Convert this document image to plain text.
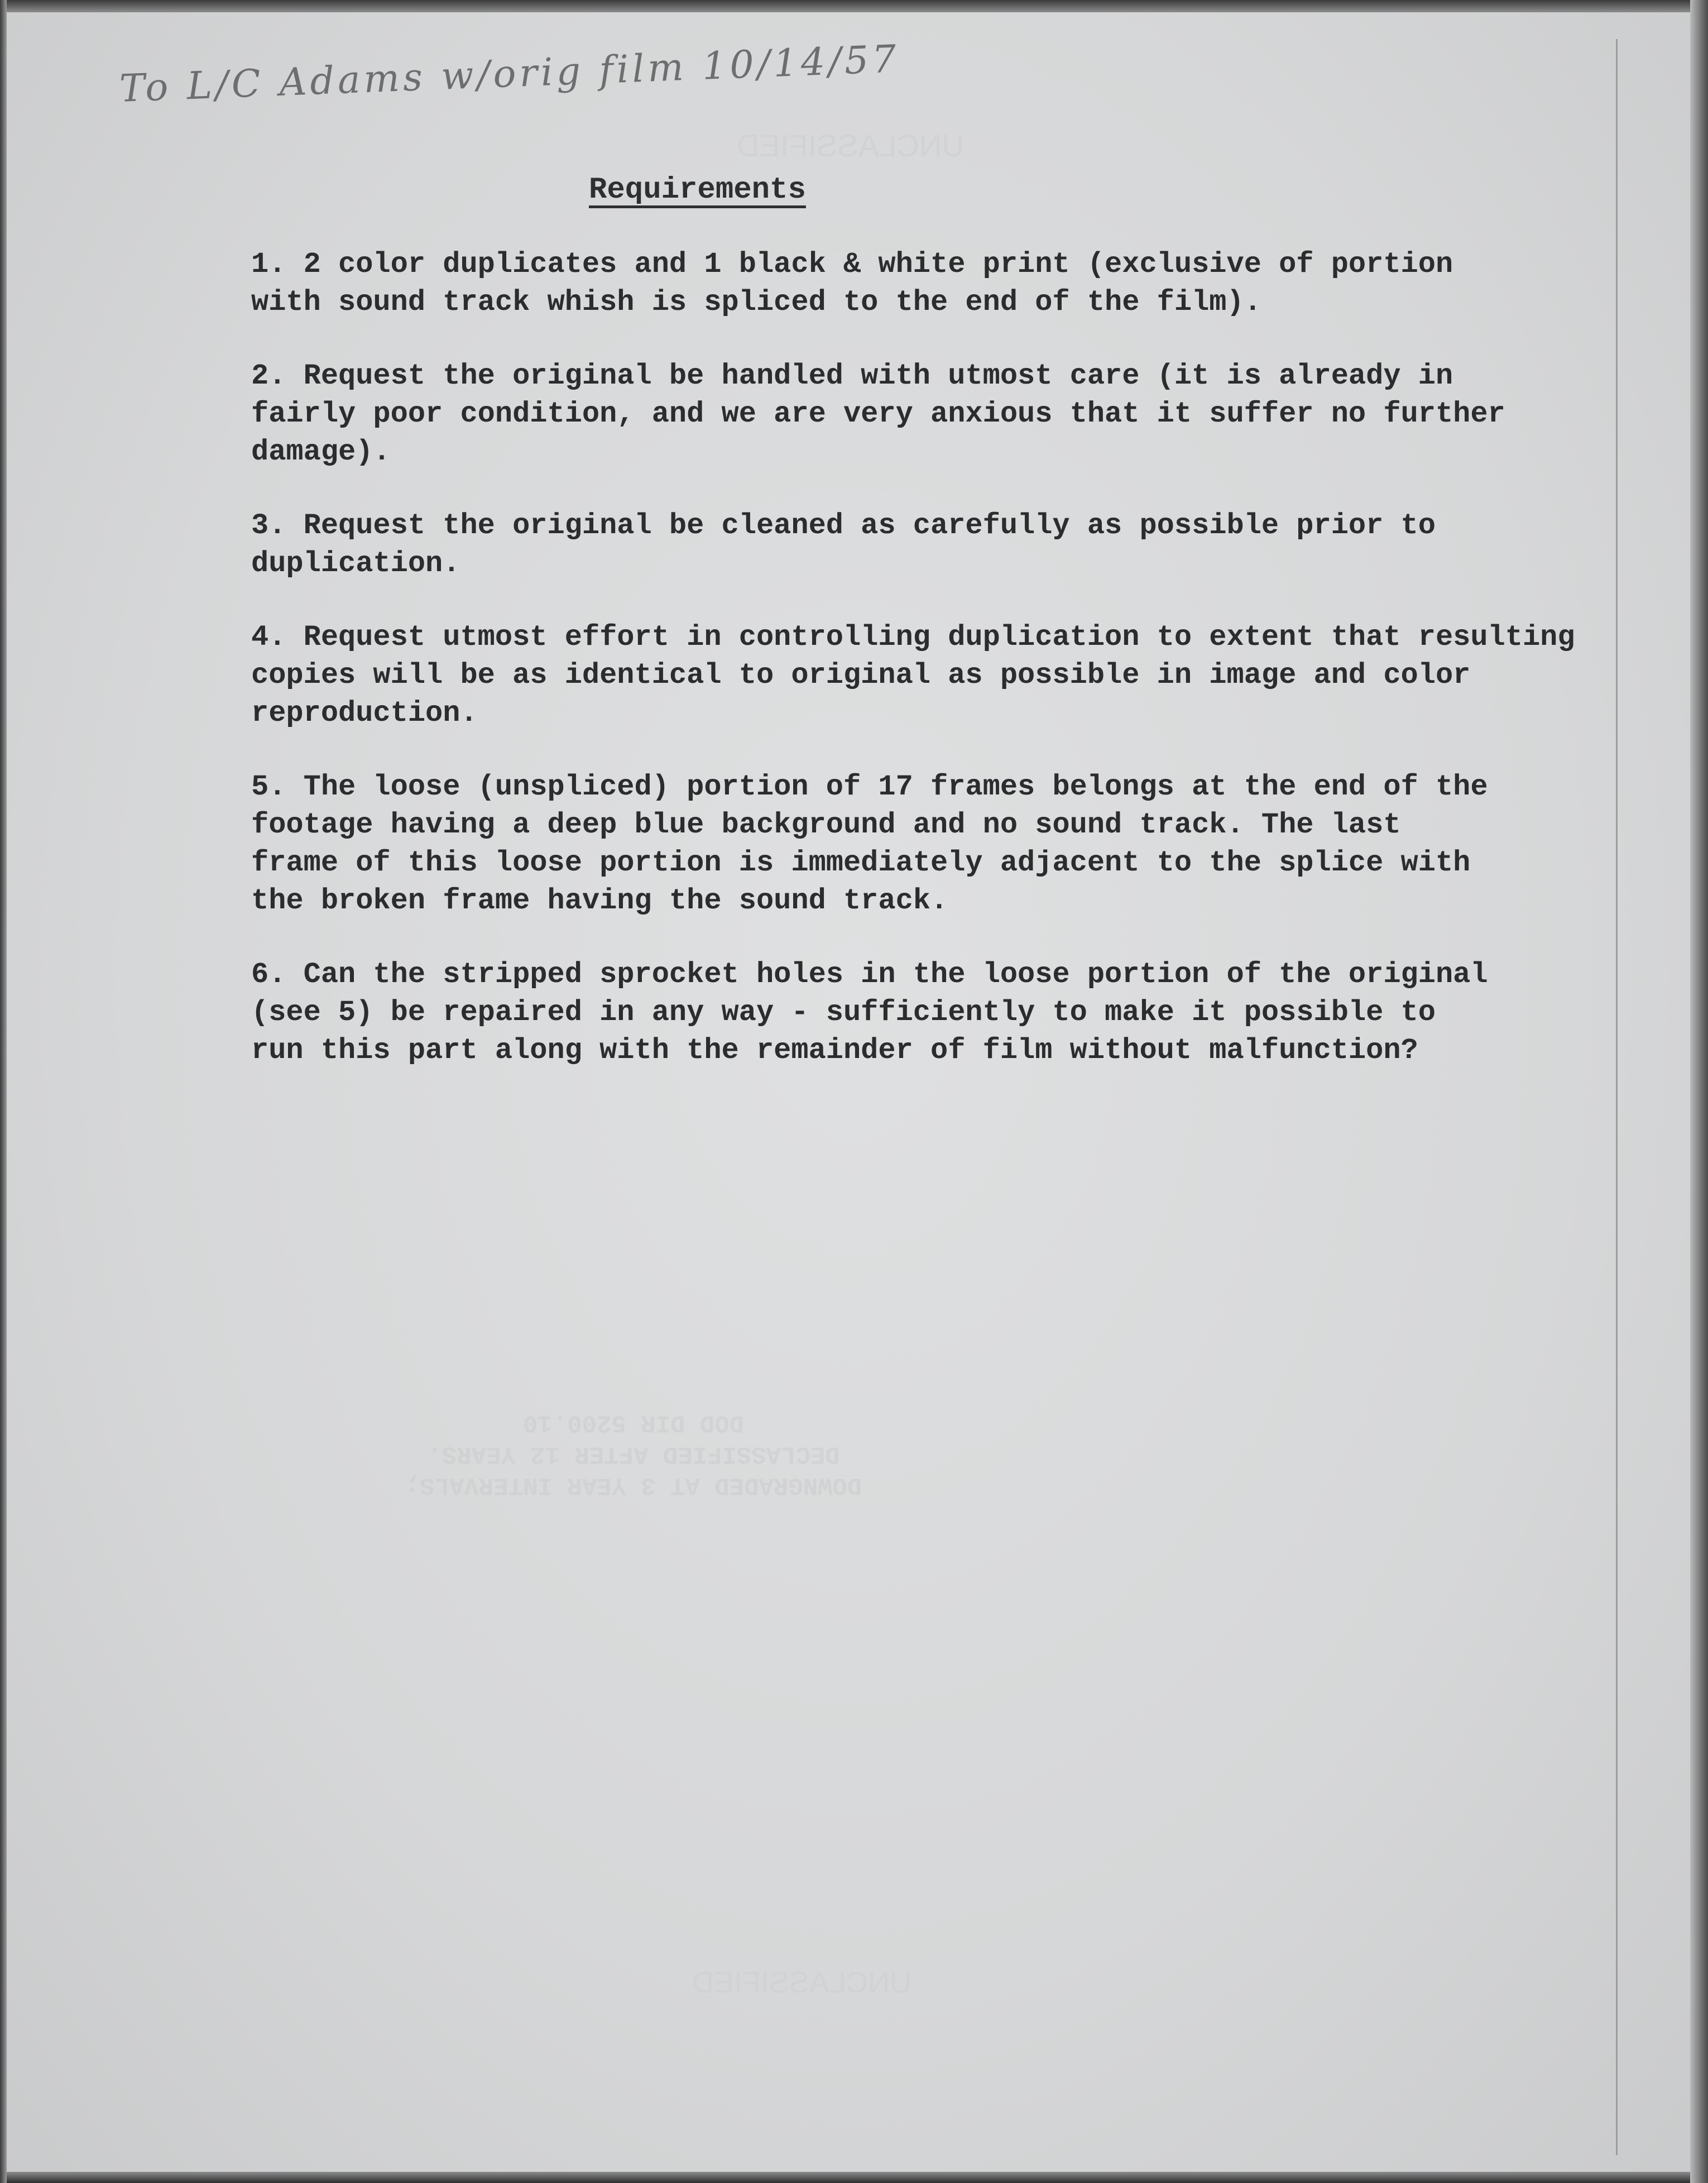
UNCLASSIFIED
To L/C Adams w/orig film 10/14/57
Requirements
1. 2 color duplicates and 1 black & white print (exclusive of portion
with sound track whish is spliced to the end of the film).
2. Request the original be handled with utmost care (it is already in
fairly poor condition, and we are very anxious that it suffer no further
damage).
3. Request the original be cleaned as carefully as possible prior to
duplication.
4. Request utmost effort in controlling duplication to extent that resulting
copies will be as identical to original as possible in image and color
reproduction.
5. The loose (unspliced) portion of 17 frames belongs at the end of the
footage having a deep blue background and no sound track. The last
frame of this loose portion is immediately adjacent to the splice with
the broken frame having the sound track.
6. Can the stripped sprocket holes in the loose portion of the original
(see 5) be repaired in any way - sufficiently to make it possible to
run this part along with the remainder of film without malfunction?
DOWNGRADED AT 3 YEAR INTERVALS;
DECLASSIFIED AFTER 12 YEARS.
DOD DIR 5200.10
UNCLASSIFIED
